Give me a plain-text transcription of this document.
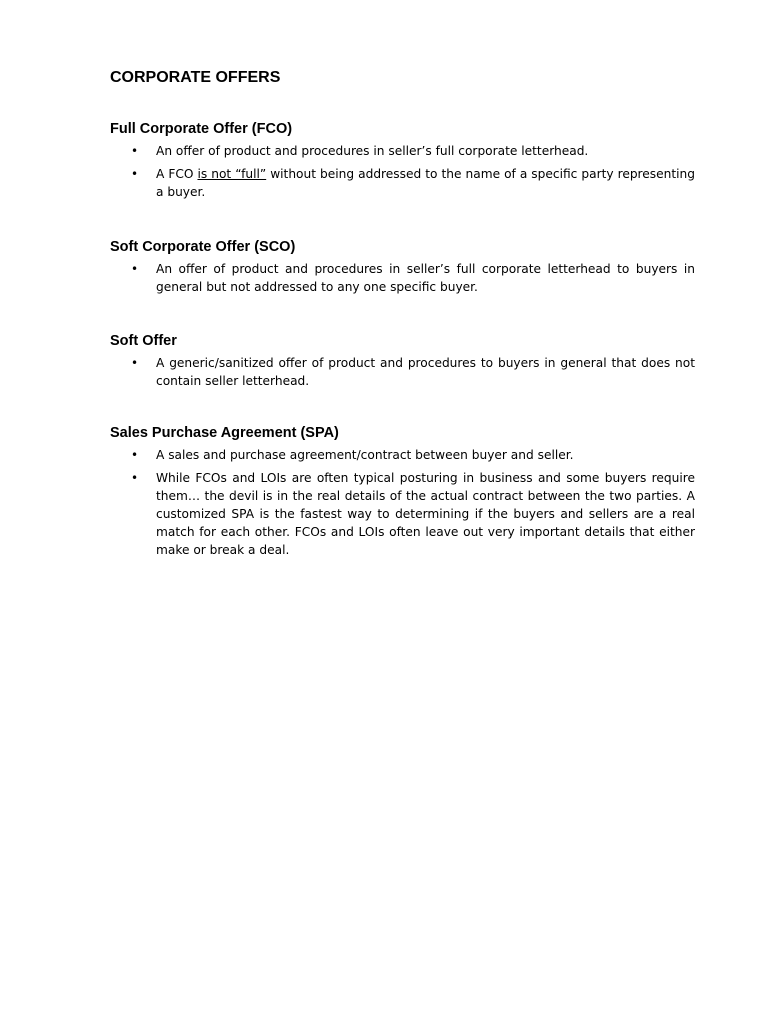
CORPORATE OFFERS
Full Corporate Offer (FCO)
• An offer of product and procedures in seller’s full corporate letterhead.
• A FCO is not “full” without being addressed to the name of a specific party representing a buyer.
Soft Corporate Offer (SCO)
• An offer of product and procedures in seller’s full corporate letterhead to buyers in general but not addressed to any one specific buyer.
Soft Offer
• A generic/sanitized offer of product and procedures to buyers in general that does not contain seller letterhead.
Sales Purchase Agreement (SPA)
• A sales and purchase agreement/contract between buyer and seller.
• While FCOs and LOIs are often typical posturing in business and some buyers require them… the devil is in the real details of the actual contract between the two parties. A customized SPA is the fastest way to determining if the buyers and sellers are a real match for each other. FCOs and LOIs often leave out very important details that either make or break a deal.
